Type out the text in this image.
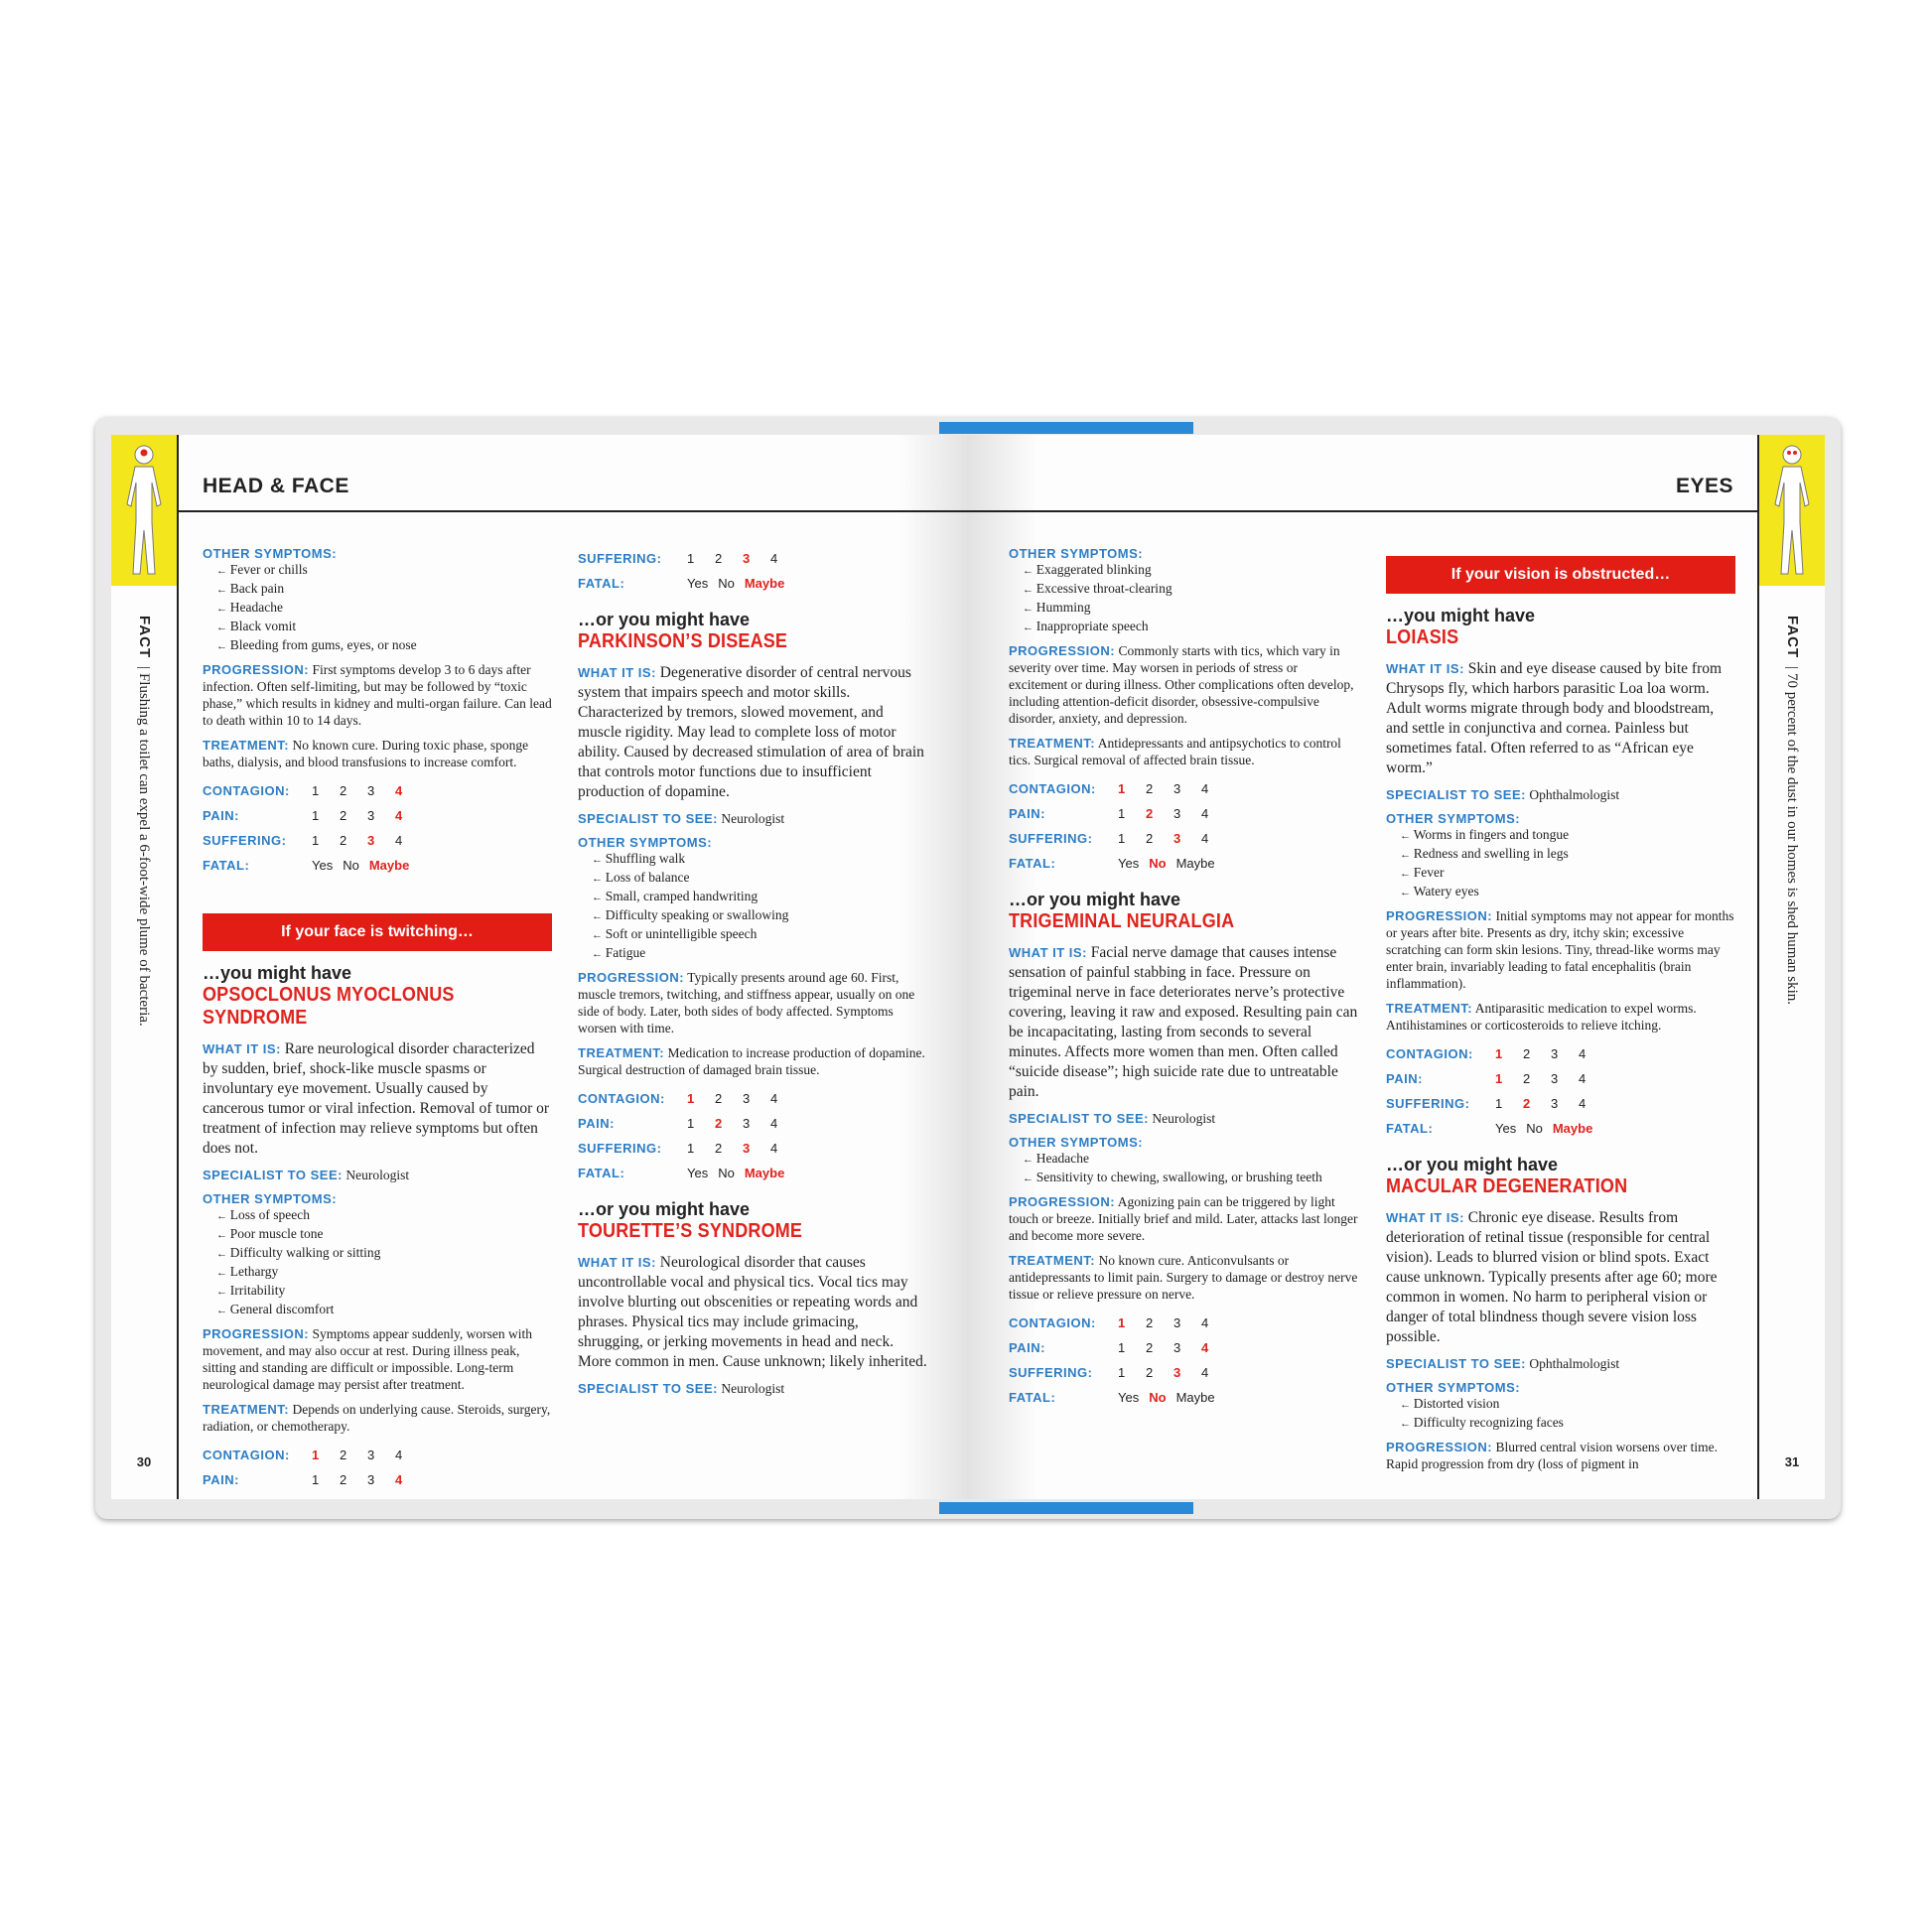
FACT| Flushing a toilet can expel a 6-foot-wide plume of bacteria.
30
HEAD & FACE
OTHER SYMPTOMS:
← Fever or chills
← Back pain
← Headache
← Black vomit
← Bleeding from gums, eyes, or nose

PROGRESSION: First symptoms develop 3 to 6 days after infection. Often self-limiting, but may be followed by “toxic phase,” which results in kidney and multi-organ failure. Can lead to death within 10 to 14 days.

TREATMENT: No known cure. During toxic phase, sponge baths, dialysis, and blood transfusions to increase comfort.

CONTAGION:	1	2	3	4
PAIN:	1	2	3	4
SUFFERING:	1	2	3	4
FATAL:	Yes No Maybe
If your face is twitching…

…you might have

OPSOCLONUS MYOCLONUS SYNDROME

WHAT IT IS: Rare neurological disorder characterized by sudden, brief, shock-like muscle spasms or involuntary eye movement. Usually caused by cancerous tumor or viral infection. Removal of tumor or treatment of infection may relieve symptoms but often does not.

SPECIALIST TO SEE: Neurologist

OTHER SYMPTOMS:
← Loss of speech
← Poor muscle tone
← Difficulty walking or sitting
← Lethargy
← Irritability
← General discomfort

PROGRESSION: Symptoms appear suddenly, worsen with movement, and may also occur at rest. During illness peak, sitting and standing are difficult or impossible. Long-term neurological damage may persist after treatment.

TREATMENT: Depends on underlying cause. Steroids, surgery, radiation, or chemotherapy.

CONTAGION:	1	2	3	4
PAIN:	1	2	3	4
SUFFERING:	1	2	3	4
FATAL:	Yes No Maybe

…or you might have

PARKINSON’S DISEASE

WHAT IT IS: Degenerative disorder of central nervous system that impairs speech and motor skills. Characterized by tremors, slowed movement, and muscle rigidity. May lead to complete loss of motor ability. Caused by decreased stimulation of area of brain that controls motor functions due to insufficient production of dopamine.

SPECIALIST TO SEE: Neurologist

OTHER SYMPTOMS:
← Shuffling walk
← Loss of balance
← Small, cramped handwriting
← Difficulty speaking or swallowing
← Soft or unintelligible speech
← Fatigue

PROGRESSION: Typically presents around age 60. First, muscle tremors, twitching, and stiffness appear, usually on one side of body. Later, both sides of body affected. Symptoms worsen with time.

TREATMENT: Medication to increase production of dopamine. Surgical destruction of damaged brain tissue.

CONTAGION:	1	2	3	4
PAIN:	1	2	3	4
SUFFERING:	1	2	3	4
FATAL:	Yes No Maybe

…or you might have

TOURETTE’S SYNDROME

WHAT IT IS: Neurological disorder that causes uncontrollable vocal and physical tics. Vocal tics may involve blurting out obscenities or repeating words and phrases. Physical tics may include grimacing, shrugging, or jerking movements in head and neck. More common in men. Cause unknown; likely inherited.

SPECIALIST TO SEE: Neurologist

FACT| 70 percent of the dust in our homes is shed human skin.
31
EYES
OTHER SYMPTOMS:
← Exaggerated blinking
← Excessive throat-clearing
← Humming
← Inappropriate speech

PROGRESSION: Commonly starts with tics, which vary in severity over time. May worsen in periods of stress or excitement or during illness. Other complications often develop, including attention-deficit disorder, obsessive-compulsive disorder, anxiety, and depression.

TREATMENT: Antidepressants and antipsychotics to control tics. Surgical removal of affected brain tissue.

CONTAGION:	1	2	3	4
PAIN:	1	2	3	4
SUFFERING:	1	2	3	4
FATAL:	Yes No Maybe

…or you might have

TRIGEMINAL NEURALGIA

WHAT IT IS: Facial nerve damage that causes intense sensation of painful stabbing in face. Pressure on trigeminal nerve in face deteriorates nerve’s protective covering, leaving it raw and exposed. Resulting pain can be incapacitating, lasting from seconds to several minutes. Affects more women than men. Often called “suicide disease”; high suicide rate due to untreatable pain.

SPECIALIST TO SEE: Neurologist

OTHER SYMPTOMS:
← Headache
← Sensitivity to chewing, swallowing, or brushing teeth

PROGRESSION: Agonizing pain can be triggered by light touch or breeze. Initially brief and mild. Later, attacks last longer and become more severe.

TREATMENT: No known cure. Anticonvulsants or antidepressants to limit pain. Surgery to damage or destroy nerve tissue or relieve pressure on nerve.

CONTAGION:	1	2	3	4
PAIN:	1	2	3	4
SUFFERING:	1	2	3	4
FATAL:	Yes No Maybe
If your vision is obstructed…

…you might have

LOIASIS

WHAT IT IS: Skin and eye disease caused by bite from Chrysops fly, which harbors parasitic Loa loa worm. Adult worms migrate through body and bloodstream, and settle in conjunctiva and cornea. Painless but sometimes fatal. Often referred to as “African eye worm.”

SPECIALIST TO SEE: Ophthalmologist

OTHER SYMPTOMS:
← Worms in fingers and tongue
← Redness and swelling in legs
← Fever
← Watery eyes

PROGRESSION: Initial symptoms may not appear for months or years after bite. Presents as dry, itchy skin; excessive scratching can form skin lesions. Tiny, thread-like worms may enter brain, invariably leading to fatal encephalitis (brain inflammation).

TREATMENT: Antiparasitic medication to expel worms. Antihistamines or corticosteroids to relieve itching.

CONTAGION:	1	2	3	4
PAIN:	1	2	3	4
SUFFERING:	1	2	3	4
FATAL:	Yes No Maybe

…or you might have

MACULAR DEGENERATION

WHAT IT IS: Chronic eye disease. Results from deterioration of retinal tissue (responsible for central vision). Leads to blurred vision or blind spots. Exact cause unknown. Typically presents after age 60; more common in women. No harm to peripheral vision or danger of total blindness though severe vision loss possible.

SPECIALIST TO SEE: Ophthalmologist

OTHER SYMPTOMS:
← Distorted vision
← Difficulty recognizing faces

PROGRESSION: Blurred central vision worsens over time. Rapid progression from dry (loss of pigment in
